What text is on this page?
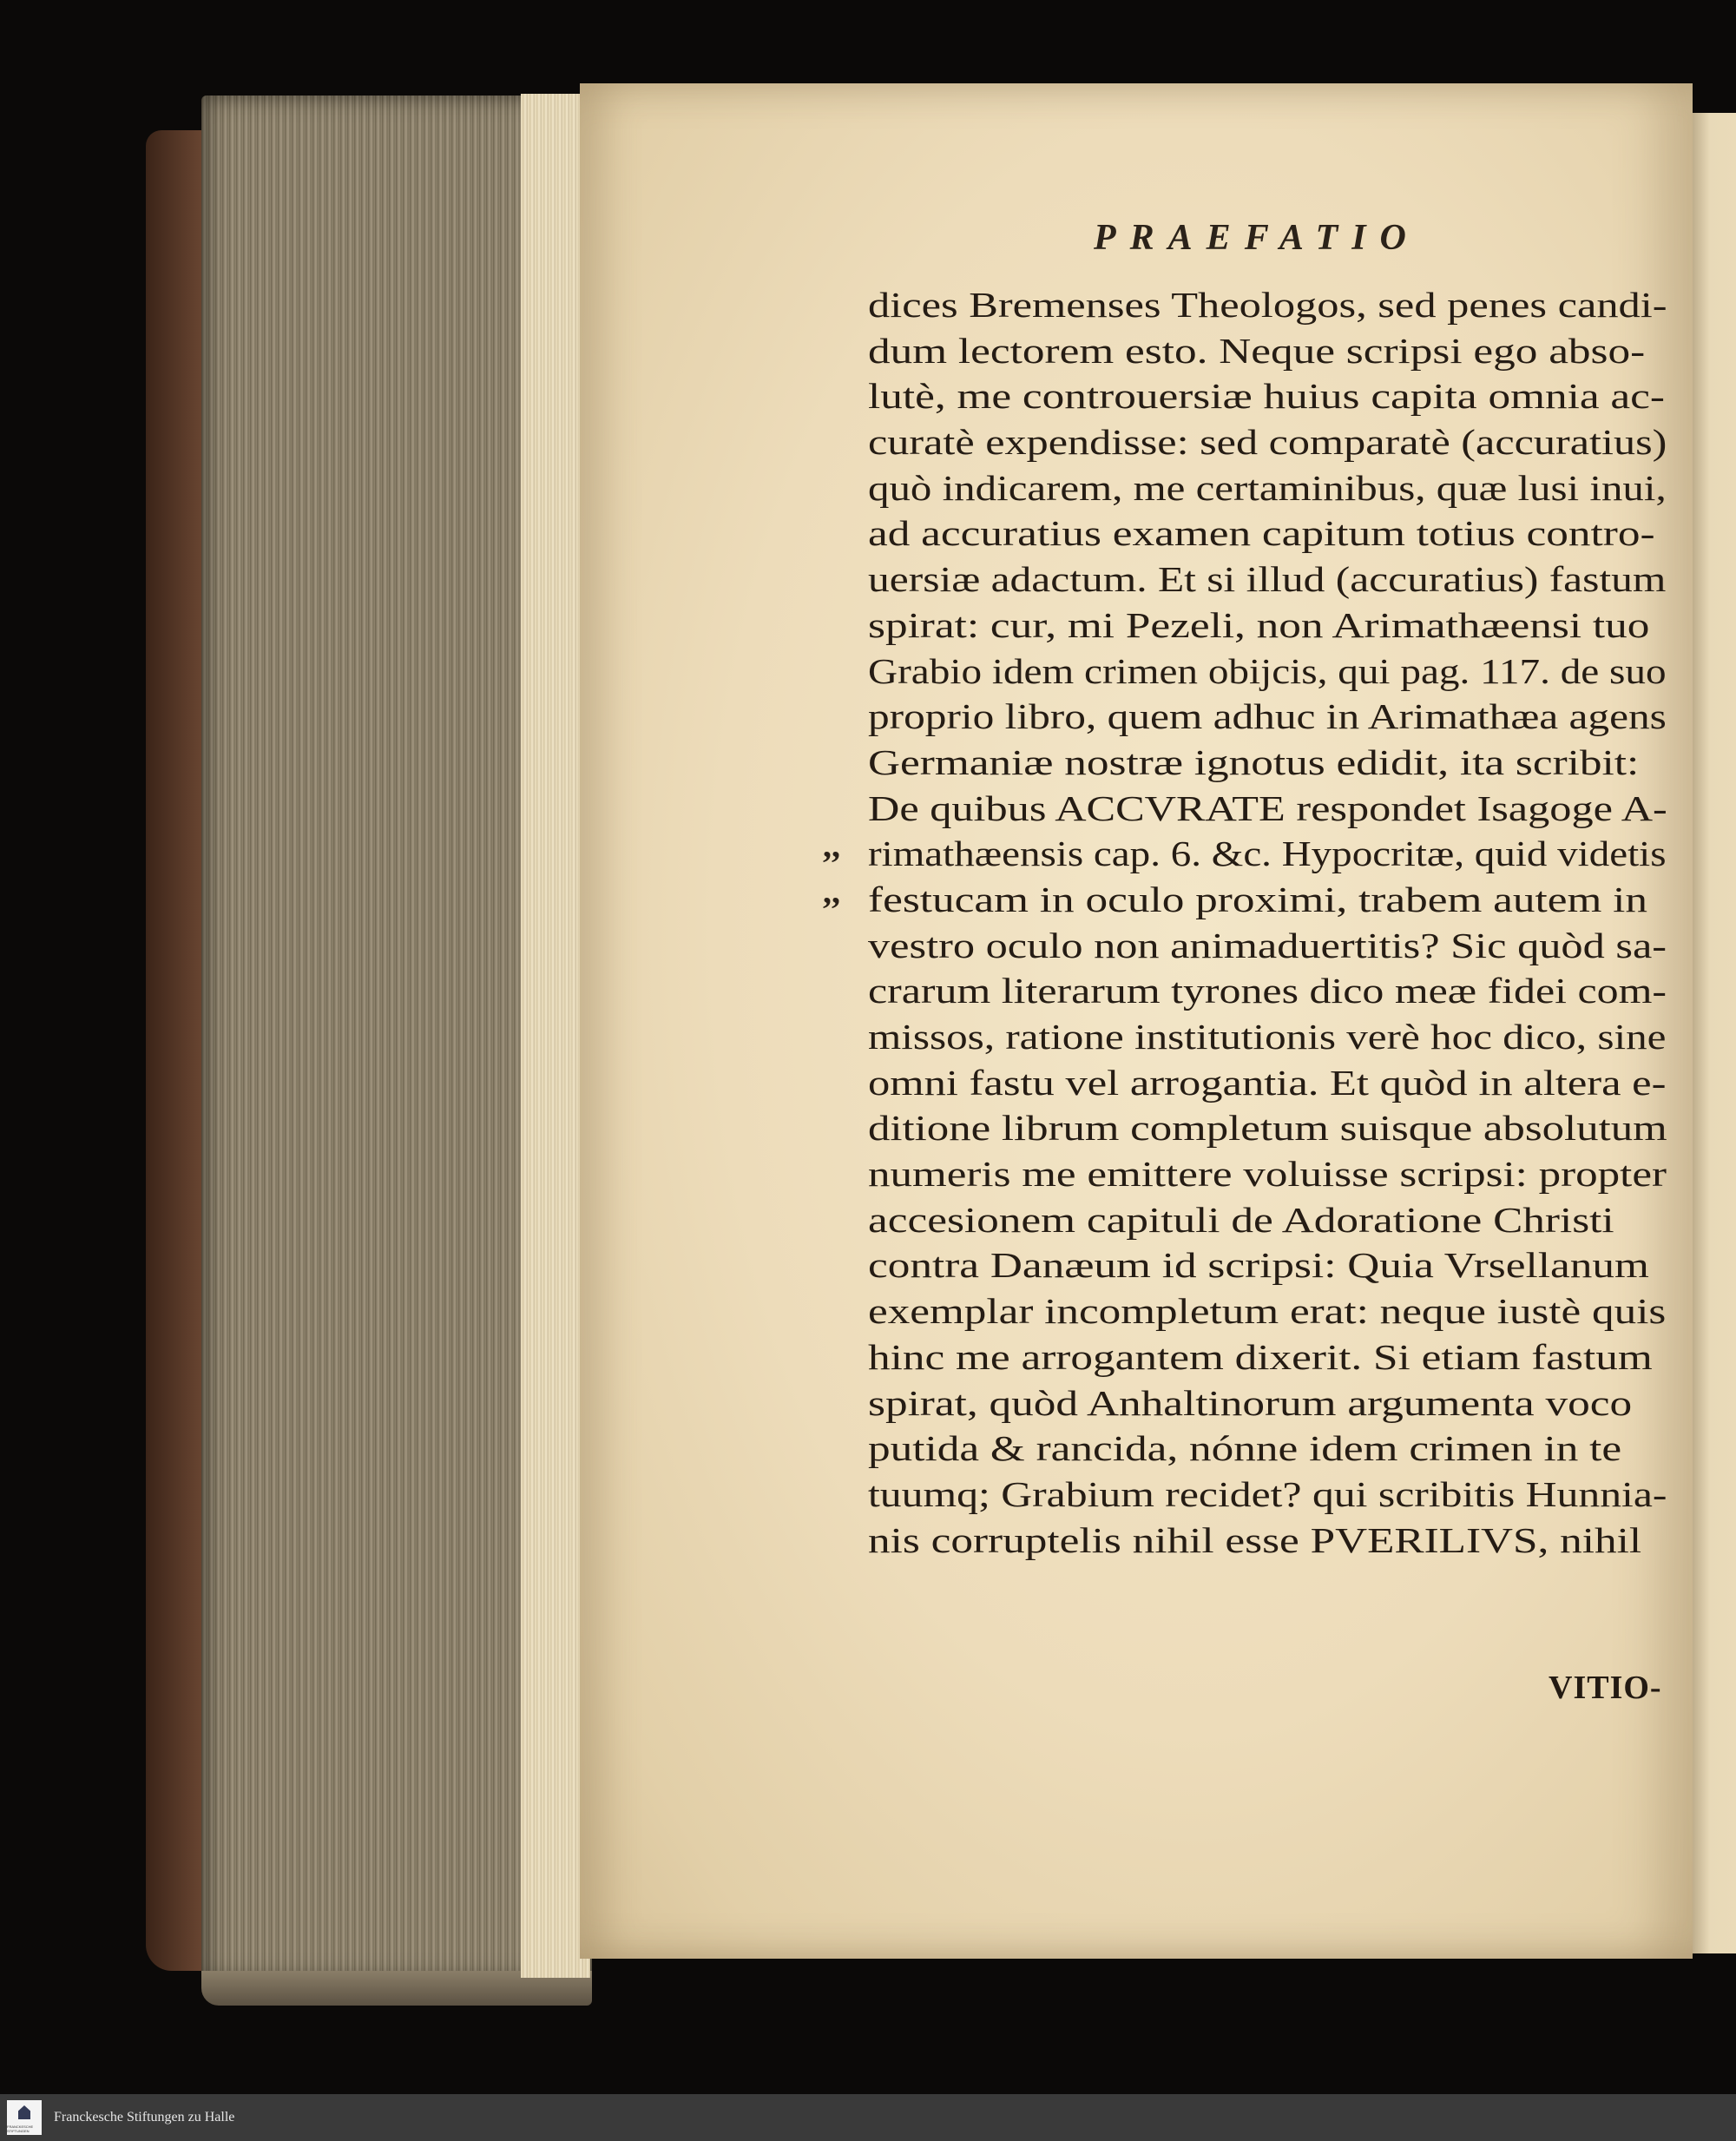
PRAEFATIO
,,
,,
dices Bremenses Theologos, sed penes candi-
dum lectorem esto. Neque scripsi ego abso-
lutè, me controuersiæ huius capita omnia ac-
curatè expendisse: sed comparatè (accuratius)
quò indicarem, me certaminibus, quæ lusi inui,
ad accuratius examen capitum totius contro-
uersiæ adactum. Et si illud (accuratius) fastum
spirat: cur, mi Pezeli, non Arimathæensi tuo
Grabio idem crimen obijcis, qui pag. 117. de suo
proprio libro, quem adhuc in Arimathæa agens
Germaniæ nostræ ignotus edidit, ita scribit:
De quibus ACCVRATE respondet Isagoge A-
rimathæensis cap. 6. &c. Hypocritæ, quid videtis
festucam in oculo proximi, trabem autem in
vestro oculo non animaduertitis? Sic quòd sa-
crarum literarum tyrones dico meæ fidei com-
missos, ratione institutionis verè hoc dico, sine
omni fastu vel arrogantia. Et quòd in altera e-
ditione librum completum suisque absolutum
numeris me emittere voluisse scripsi: propter
accesionem capituli de Adoratione Christi
contra Danæum id scripsi: Quia Vrsellanum
exemplar incompletum erat: neque iustè quis
hinc me arrogantem dixerit. Si etiam fastum
spirat, quòd Anhaltinorum argumenta voco
putida & rancida, nónne idem crimen in te
tuumq; Grabium recidet? qui scribitis Hunnia-
nis corruptelis nihil esse PVERILIVS, nihil
VITIO-
FRANCKESCHE STIFTUNGEN
Franckesche Stiftungen zu Halle
